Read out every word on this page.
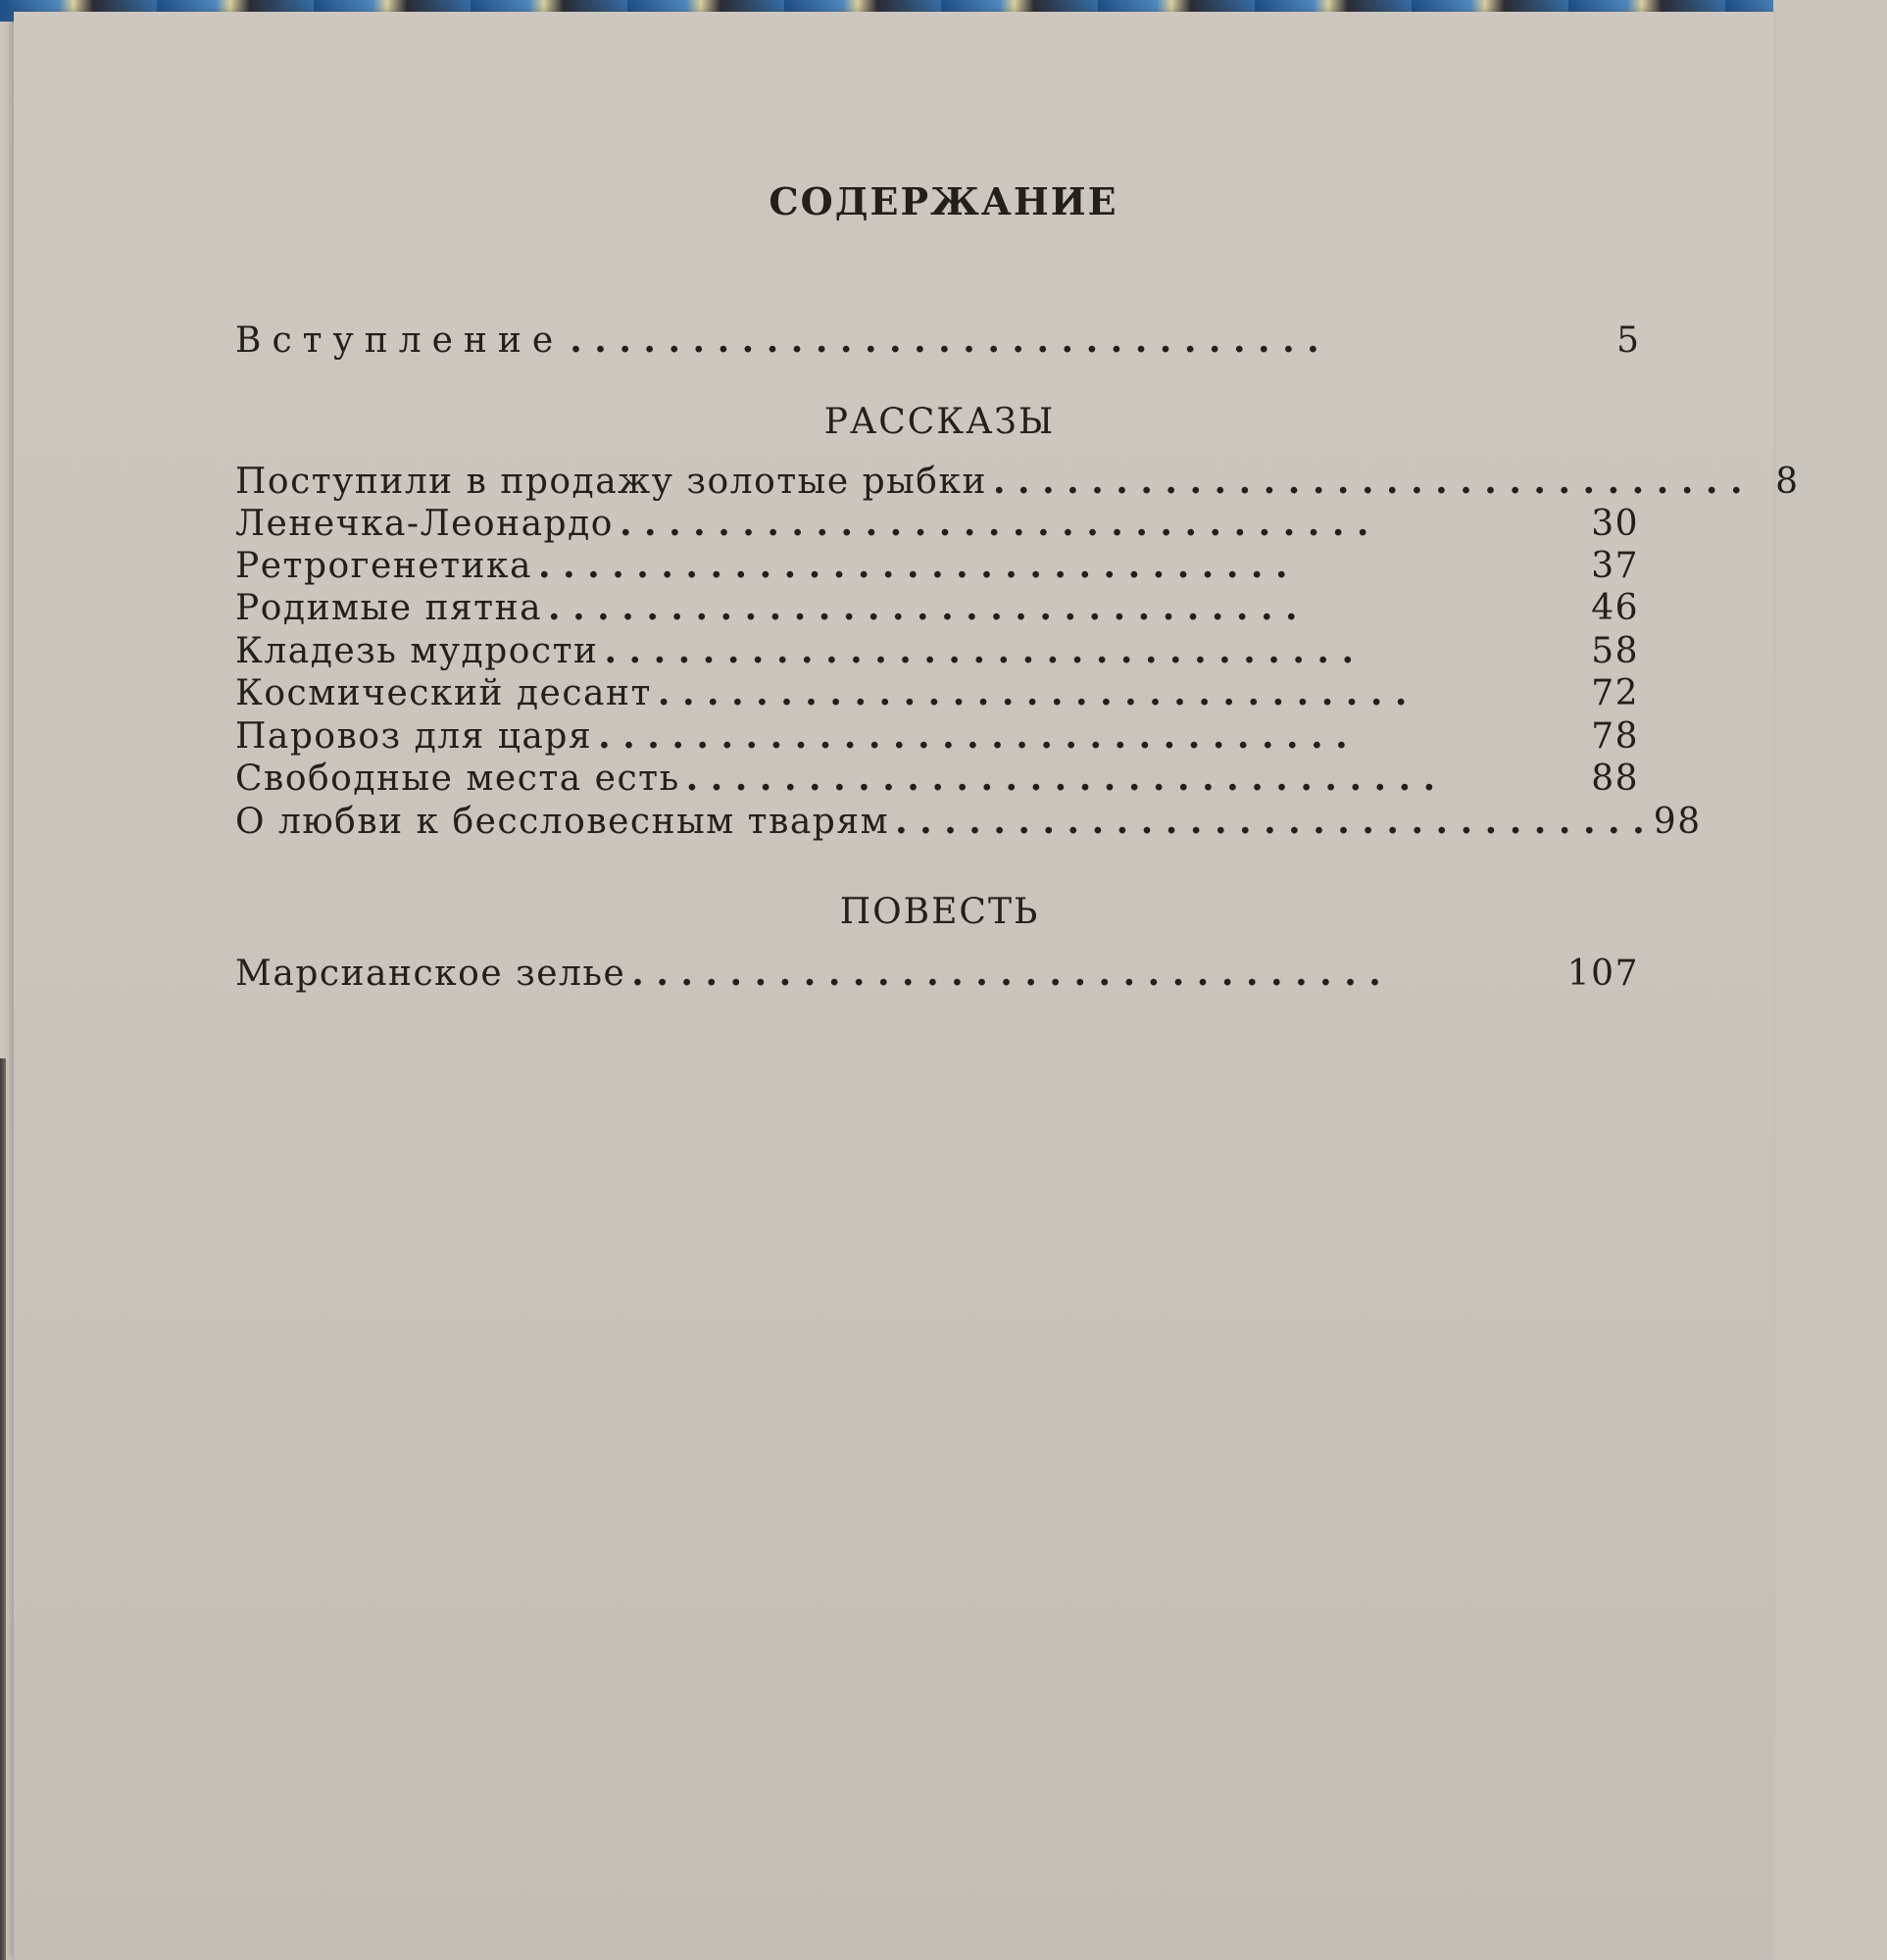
СОДЕРЖАНИЕ
Вступление . . . . . . . . . . . . . . . . . . . . . . . . . . . . . . .	5
РАССКАЗЫ
Поступили в продажу золотые рыбки . . . . . . . . . . . . . . . . . . . . . . . . . . . . . . . 8
Ленечка-Леонардо . . . . . . . . . . . . . . . . . . . . . . . . . . . . . . .	30
Ретрогенетика . . . . . . . . . . . . . . . . . . . . . . . . . . . . . . .	37
Родимые пятна . . . . . . . . . . . . . . . . . . . . . . . . . . . . . . .	46
Кладезь мудрости . . . . . . . . . . . . . . . . . . . . . . . . . . . . . . .	58
Космический десант . . . . . . . . . . . . . . . . . . . . . . . . . . . . . . .	72
Паровоз для царя . . . . . . . . . . . . . . . . . . . . . . . . . . . . . . .	78
Свободные места есть . . . . . . . . . . . . . . . . . . . . . . . . . . . . . . .	88
О любви к бессловесным тварям . . . . . . . . . . . . . . . . . . . . . . . . . . . . . . . 98
ПОВЕСТЬ
Марсианское зелье . . . . . . . . . . . . . . . . . . . . . . . . . . . . . . .	107
